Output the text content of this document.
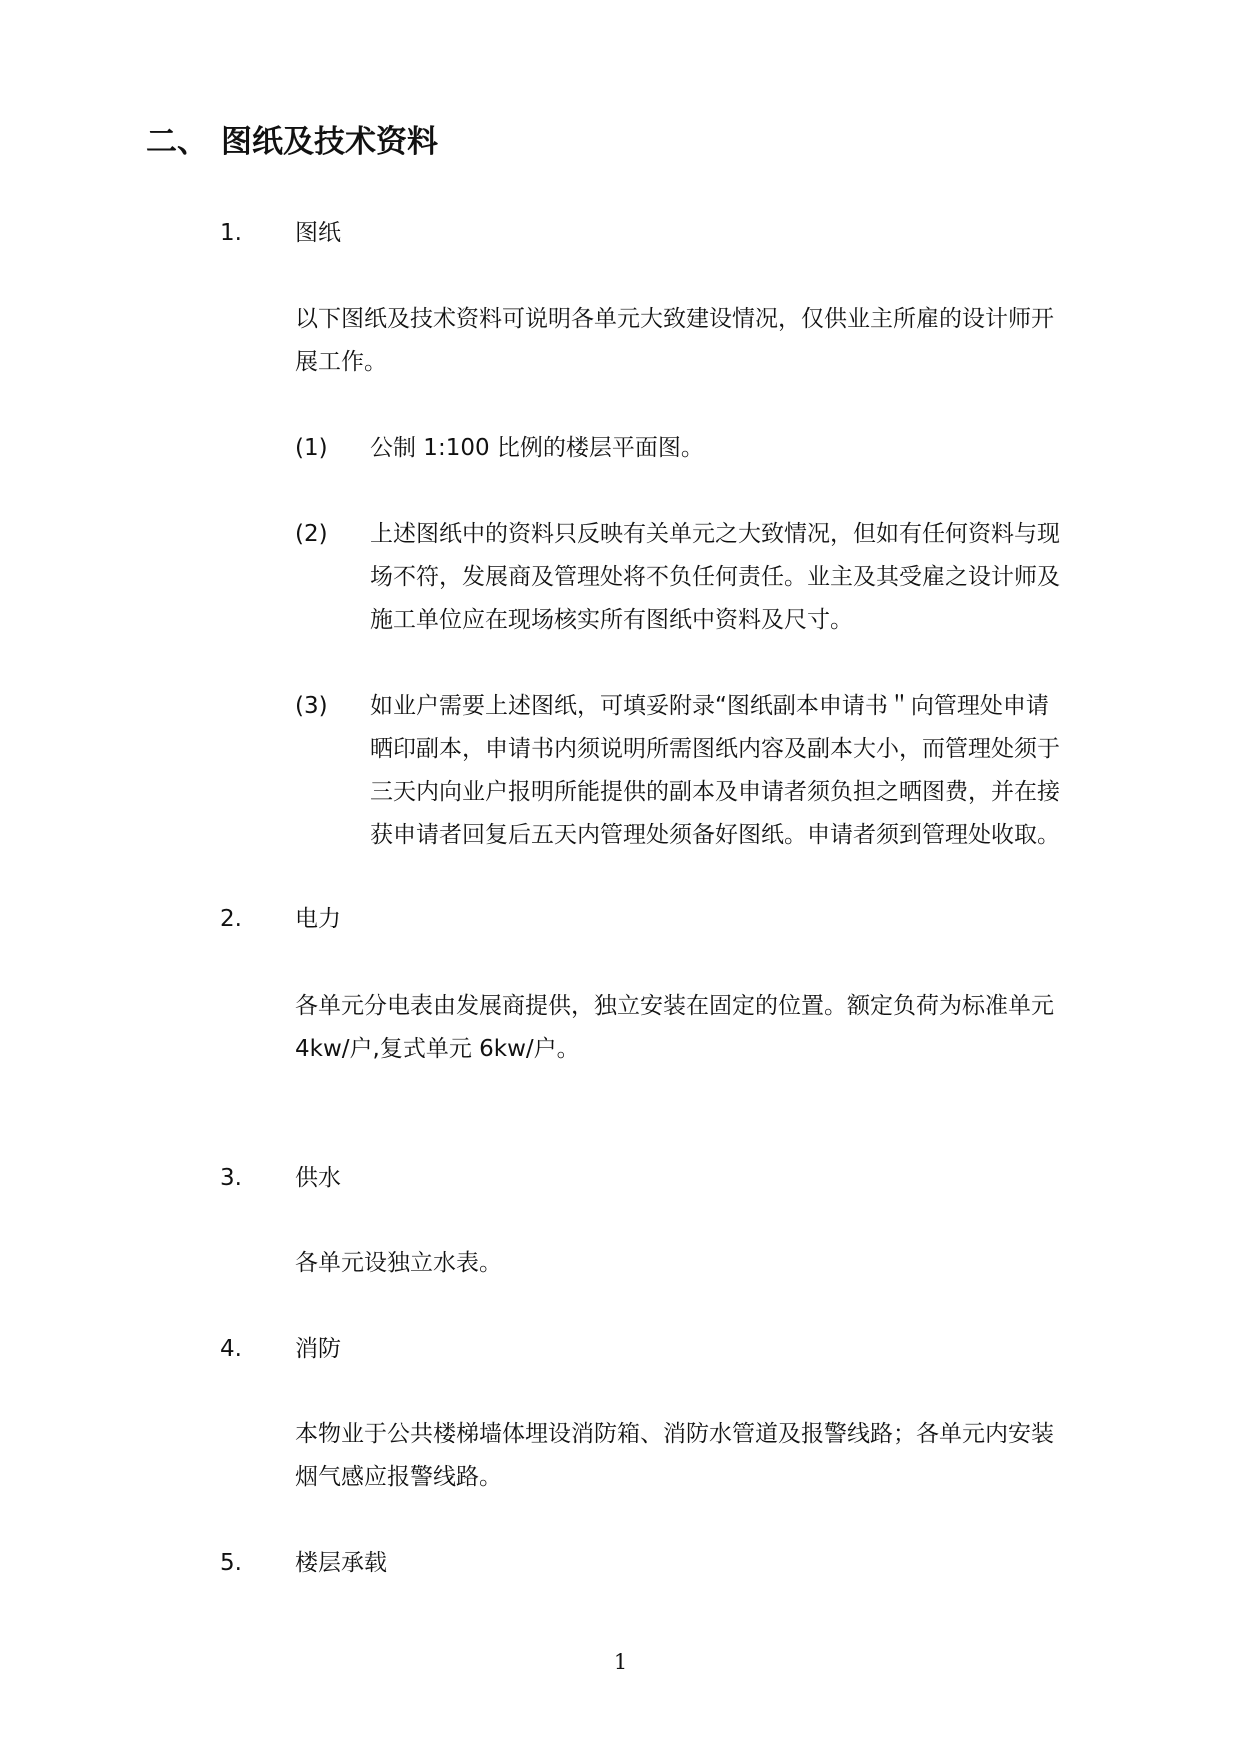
二、 图纸及技术资料
1. 图纸
以下图纸及技术资料可说明各单元大致建设情况，仅供业主所雇的设计师开
展工作。
(1) 公制 1:100 比例的楼层平面图。
(2) 上述图纸中的资料只反映有关单元之大致情况，但如有任何资料与现
场不符，发展商及管理处将不负任何责任。业主及其受雇之设计师及
施工单位应在现场核实所有图纸中资料及尺寸。
(3) 如业户需要上述图纸，可填妥附录“图纸副本申请书＂向管理处申请
晒印副本，申请书内须说明所需图纸内容及副本大小，而管理处须于
三天内向业户报明所能提供的副本及申请者须负担之晒图费，并在接
获申请者回复后五天内管理处须备好图纸。申请者须到管理处收取。
2. 电力
各单元分电表由发展商提供，独立安装在固定的位置。额定负荷为标准单元
4kw/户,复式单元 6kw/户。
3. 供水
各单元设独立水表。
4. 消防
本物业于公共楼梯墙体埋设消防箱、消防水管道及报警线路；各单元内安装
烟气感应报警线路。
5. 楼层承载
1
